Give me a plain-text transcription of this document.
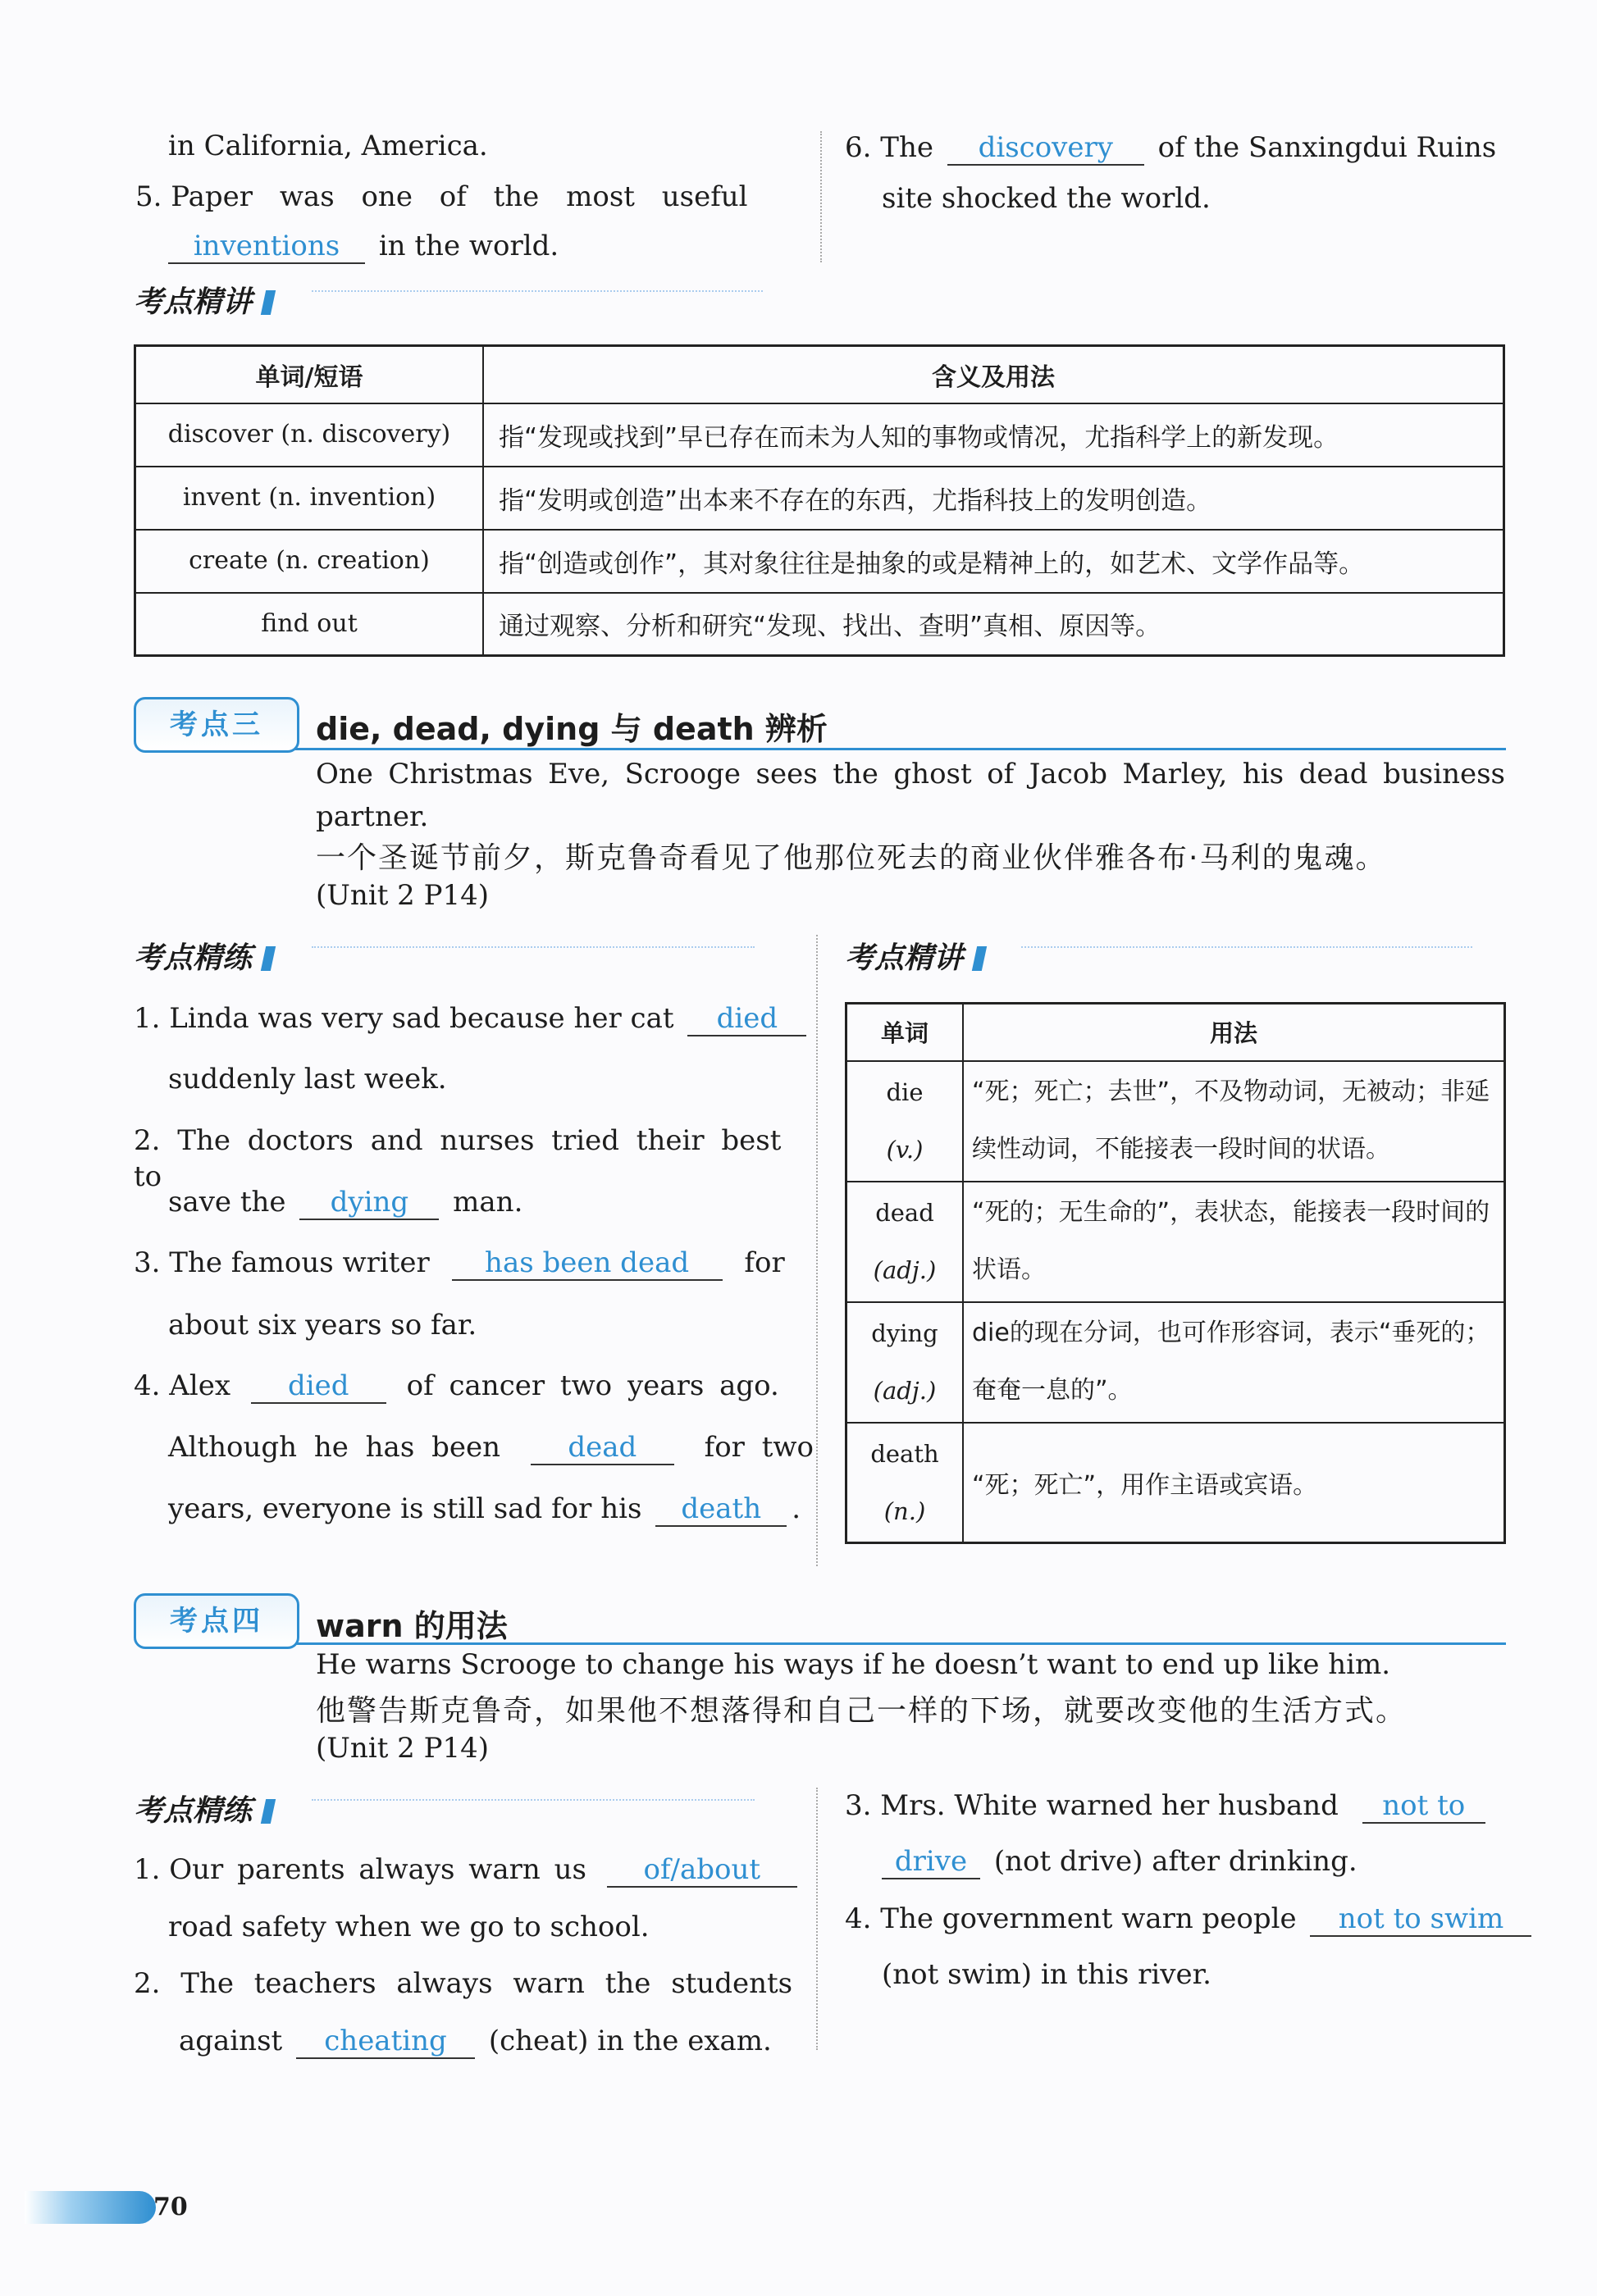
in California, America.
5. Paper was one of the most useful
inventions in the world.
6. The discovery of the Sanxingdui Ruins
site shocked the world.
考点精讲
单词/短语	含义及用法
discover (n. discovery)	指“发现或找到”早已存在而未为人知的事物或情况，尤指科学上的新发现。
invent (n. invention)	指“发明或创造”出本来不存在的东西，尤指科技上的发明创造。
create (n. creation)	指“创造或创作”，其对象往往是抽象的或是精神上的，如艺术、文学作品等。
find out	通过观察、分析和研究“发现、找出、查明”真相、原因等。
考点三	die, dead, dying 与 death 辨析
One Christmas Eve, Scrooge sees the ghost of Jacob Marley, his dead business partner.
一个圣诞节前夕，斯克鲁奇看见了他那位死去的商业伙伴雅各布·马利的鬼魂。
(Unit 2 P14)
考点精练
1. Linda was very sad because her cat died
suddenly last week.
2. The doctors and nurses tried their best to
save the dying man.
3. The famous writer has been dead for
about six years so far.
4. Alex died of cancer two years ago.
Although he has been dead for two
years, everyone is still sad for his death .
考点精讲
单词	用法

die
(v.)	“死；死亡；去世”，不及物动词，无被动；非延续性动词，不能接表一段时间的状语。

dead
(adj.)	“死的；无生命的”，表状态，能接表一段时间的状语。

dying
(adj.)	die的现在分词，也可作形容词，表示“垂死的；奄奄一息的”。

death
(n.)	“死；死亡”，用作主语或宾语。
考点四	warn 的用法
He warns Scrooge to change his ways if he doesn’t want to end up like him.
他警告斯克鲁奇，如果他不想落得和自己一样的下场，就要改变他的生活方式。
(Unit 2 P14)
考点精练
1. Our parents always warn us of/about
road safety when we go to school.
2. The teachers always warn the students
against cheating (cheat) in the exam.
3. Mrs. White warned her husband not to
drive (not drive) after drinking.
4. The government warn people not to swim
(not swim) in this river.
70
